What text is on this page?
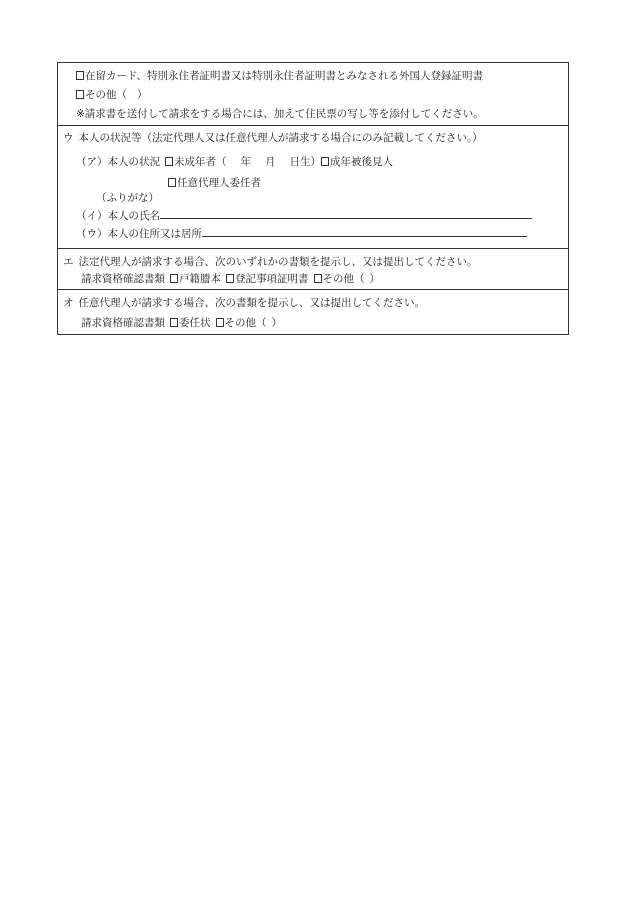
在留カード、特別永住者証明書又は特別永住者証明書とみなされる外国人登録証明書
その他（ ）
※請求書を送付して請求をする場合には、加えて住民票の写し等を添付してください。
ウ 本人の状況等（法定代理人又は任意代理人が請求する場合にのみ記載してください。）
（ア）本人の状況 未成年者（ 年 月 日生） 成年被後見人
任意代理人委任者
（ふりがな）
（イ）本人の氏名
（ウ）本人の住所又は居所
エ 法定代理人が請求する場合、次のいずれかの書類を提示し、又は提出してください。
請求資格確認書類 戸籍謄本 登記事項証明書 その他（ ）
オ 任意代理人が請求する場合、次の書類を提示し、又は提出してください。
請求資格確認書類 委任状 その他（ ）
